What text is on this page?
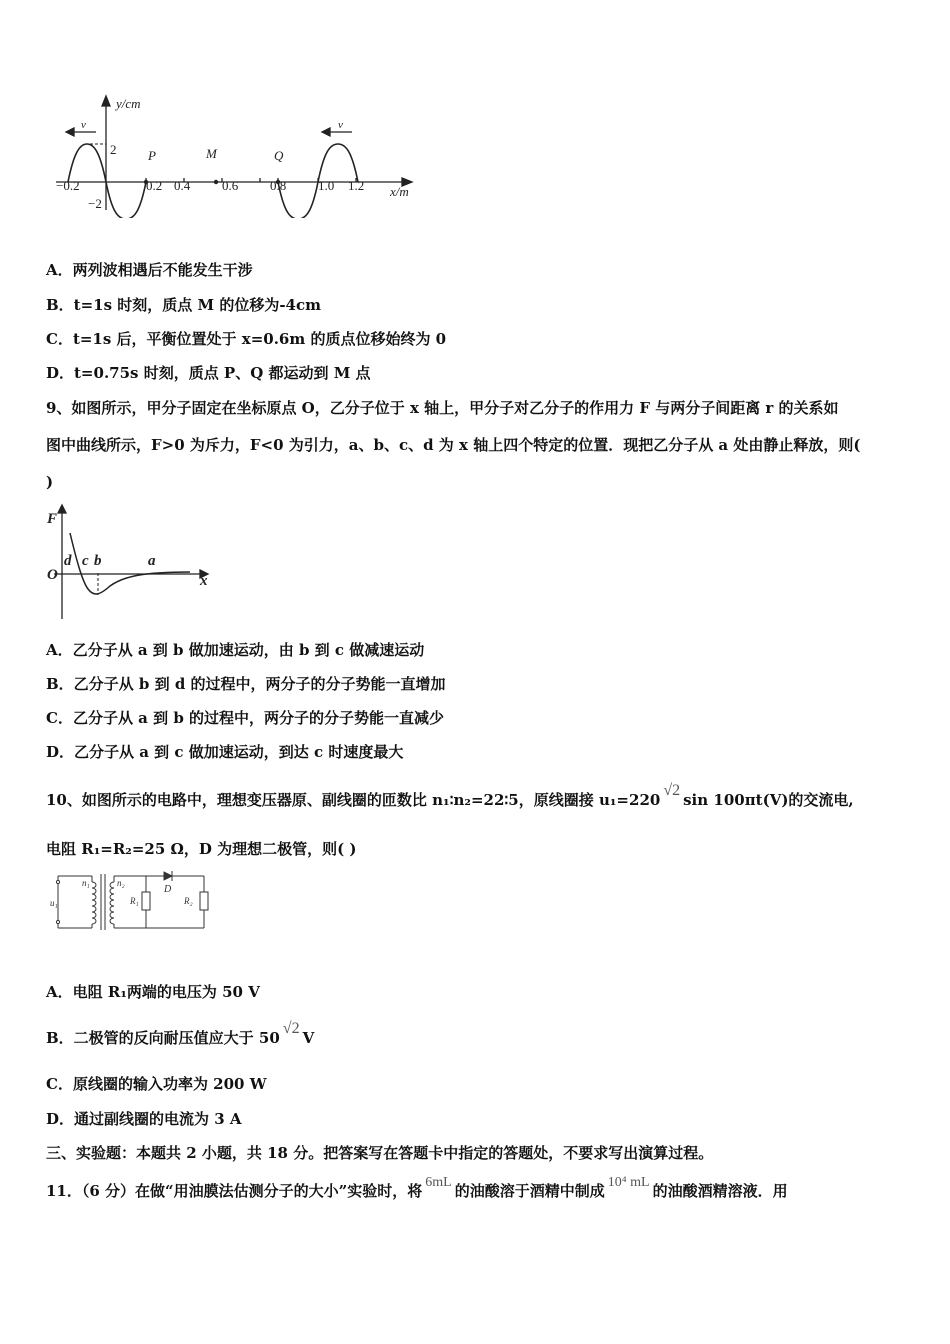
y/cm
x/m
2
−2
P	M	Q
v	v
−0.2	0.2 0.4 0.6 0.8 1.0 1.2
A．两列波相遇后不能发生干涉
B．t=1s 时刻，质点 M 的位移为-4cm
C．t=1s 后，平衡位置处于 x=0.6m 的质点位移始终为 0
D．t=0.75s 时刻，质点 P、Q 都运动到 M 点
9、如图所示，甲分子固定在坐标原点 O，乙分子位于 x 轴上，甲分子对乙分子的作用力 F 与两分子间距离 r 的关系如
图中曲线所示，F>0 为斥力，F<0 为引力，a、b、c、d 为 x 轴上四个特定的位置．现把乙分子从 a 处由静止释放，则(
)
F
O	x
d c b	a
A．乙分子从 a 到 b 做加速运动，由 b 到 c 做减速运动
B．乙分子从 b 到 d 的过程中，两分子的分子势能一直增加
C．乙分子从 a 到 b 的过程中，两分子的分子势能一直减少
D．乙分子从 a 到 c 做加速运动，到达 c 时速度最大
10、如图所示的电路中，理想变压器原、副线圈的匝数比 n₁∶n₂=22∶5，原线圈接 u₁=220√2sin 100πt(V)的交流电,
电阻 R₁=R₂=25 Ω，D 为理想二极管，则( )
u₁
n₁	n₂
R₁	R₂
D
A．电阻 R₁两端的电压为 50 V
B．二极管的反向耐压值应大于 50√2V
C．原线圈的输入功率为 200 W
D．通过副线圈的电流为 3 A
三、实验题：本题共 2 小题，共 18 分。把答案写在答题卡中指定的答题处，不要求写出演算过程。
11．（6 分）在做“用油膜法估测分子的大小”实验时，将 6mL 的油酸溶于酒精中制成 10⁴ mL 的油酸酒精溶液．用
